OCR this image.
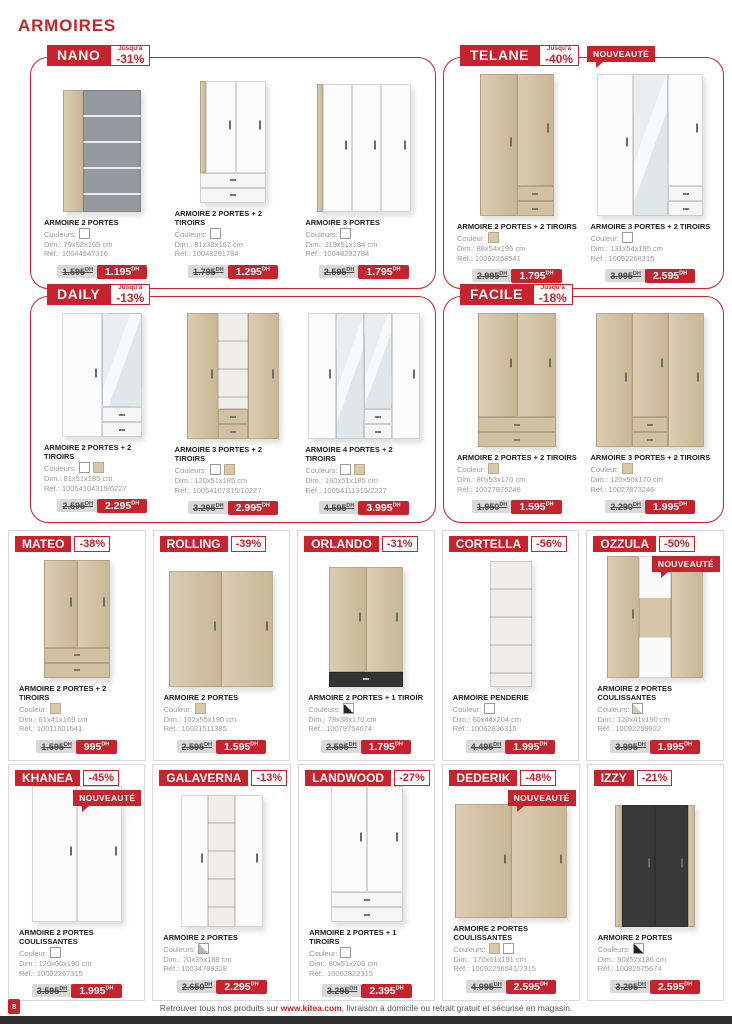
ARMOIRES
NANO	Jusqu'à
-31%
ARMOIRE 2 PORTES
Couleurs:
Dim.: 79x52x165 cm
Réf.: 10044947316
$1.595^{DH}$ $1.195^{DH}$
ARMOIRE 2 PORTES + 2 TIROIRS
Couleurs:
Dim.: 81x38x167 cm
Réf.: 10048291784
$1.795^{DH}$ $1.295^{DH}$
ARMOIRE 3 PORTES
Couleurs:
Dim.: 119x51x184 cm
Réf.: 10048292784
$2.595^{DH}$ $1.795^{DH}$
TELANE	Jusqu'à
-40%	NOUVEAUTÉ
ARMOIRE 2 PORTES + 2 TIROIRS
Couleur:
Dim.: 88x54x195 cm
Réf.: 10092258541
$2.995^{DH}$ $1.795^{DH}$
ARMOIRE 3 PORTES + 2 TIROIRS
Couleur:
Dim.: 131x54x195 cm
Réf.: 10092268315
$3.995^{DH}$ $2.595^{DH}$
DAILY	Jusqu'à
-13%
ARMOIRE 2 PORTES + 2 TIROIRS
Couleurs:
Dim.: 81x51x185 cm
Réf.: 10054104315/6227
$2.595^{DH}$ $2.295^{DH}$
ARMOIRE 3 PORTES + 2 TIROIRS
Couleurs:
Dim.: 120x51x185 cm
Réf.: 10054107315/10227
$3.295^{DH}$ $2.995^{DH}$
ARMOIRE 4 PORTES + 2 TIROIRS
Couleurs:
Dim.: 160x51x185 cm
Réf.: 10054111315/2227
$4.595^{DH}$ $3.995^{DH}$
FACILE	Jusqu'à
-18%
ARMOIRE 2 PORTES + 2 TIROIRS
Couleur:
Dim.: 80x53x170 cm
Réf.: 10027875246
$1.950^{DH}$ $1.595^{DH}$
ARMOIRE 3 PORTES + 2 TIROIRS
Couleur:
Dim.: 120x50x170 cm
Réf.: 10027873246
$2.290^{DH}$ $1.995^{DH}$
MATEO	-38%
ARMOIRE 2 PORTES + 2 TIROIRS
Couleur:
Dim.: 61x41x169 cm
Réf.: 10011601541
$1.595^{DH}$ $995^{DH}$
ROLLING	-39%
ARMOIRE 2 PORTES
Couleur:
Dim.: 102x55x190 cm
Réf.: 10021511385
$2.595^{DH}$ $1.595^{DH}$
ORLANDO	-31%
ARMOIRE 2 PORTES + 1 TIROIR
Couleurs:
Dim.: 78x38x170 cm
Réf.: 10079754674
$2.595^{DH}$ $1.795^{DH}$
CORTELLA	-56%
ARMOIRE PENDERIE
Couleur:
Dim.: 60x44x204 cm
Réf.: 10062836315
$4.495^{DH}$ $1.995^{DH}$
OZZULA	-50%
NOUVEAUTÉ
ARMOIRE 2 PORTES COULISSANTES
Couleurs:
Dim.: 120x41x190 cm
Réf.: 10092259922
$3.995^{DH}$ $1.995^{DH}$
KHANEA	-45%
NOUVEAUTÉ
ARMOIRE 2 PORTES COULISSANTES
Couleur:
Dim.: 120x60x190 cm
Réf.: 10092267315
$3.595^{DH}$ $1.995^{DH}$
GALAVERNA	-13%
ARMOIRE 2 PORTES
Couleurs:
Dim.: 70x35x188 cm
Réf.: 10034789328
$2.650^{DH}$ $2.295^{DH}$
LANDWOOD	-27%
ARMOIRE 2 PORTES + 1 TIROIRS
Couleur:
Dim.: 80x51x200 cm
Réf.: 10062822315
$3.295^{DH}$ $2.395^{DH}$
DEDERIK	-48%
NOUVEAUTÉ
ARMOIRE 2 PORTES COULISSANTES
Couleurs:
Dim.: 170x61x191 cm
Réf.: 10092256541/7315
$4.995^{DH}$ $2.595^{DH}$
IZZY	-21%
ARMOIRE 2 PORTES
Couleurs:
Dim.: 90x52x186 cm
Réf.: 10082575674
$3.295^{DH}$ $2.595^{DH}$
8	Retrouver tous nos produits sur www.kitea.com, livraison à domicile ou retrait gratuit et sécurisé en magasin.
